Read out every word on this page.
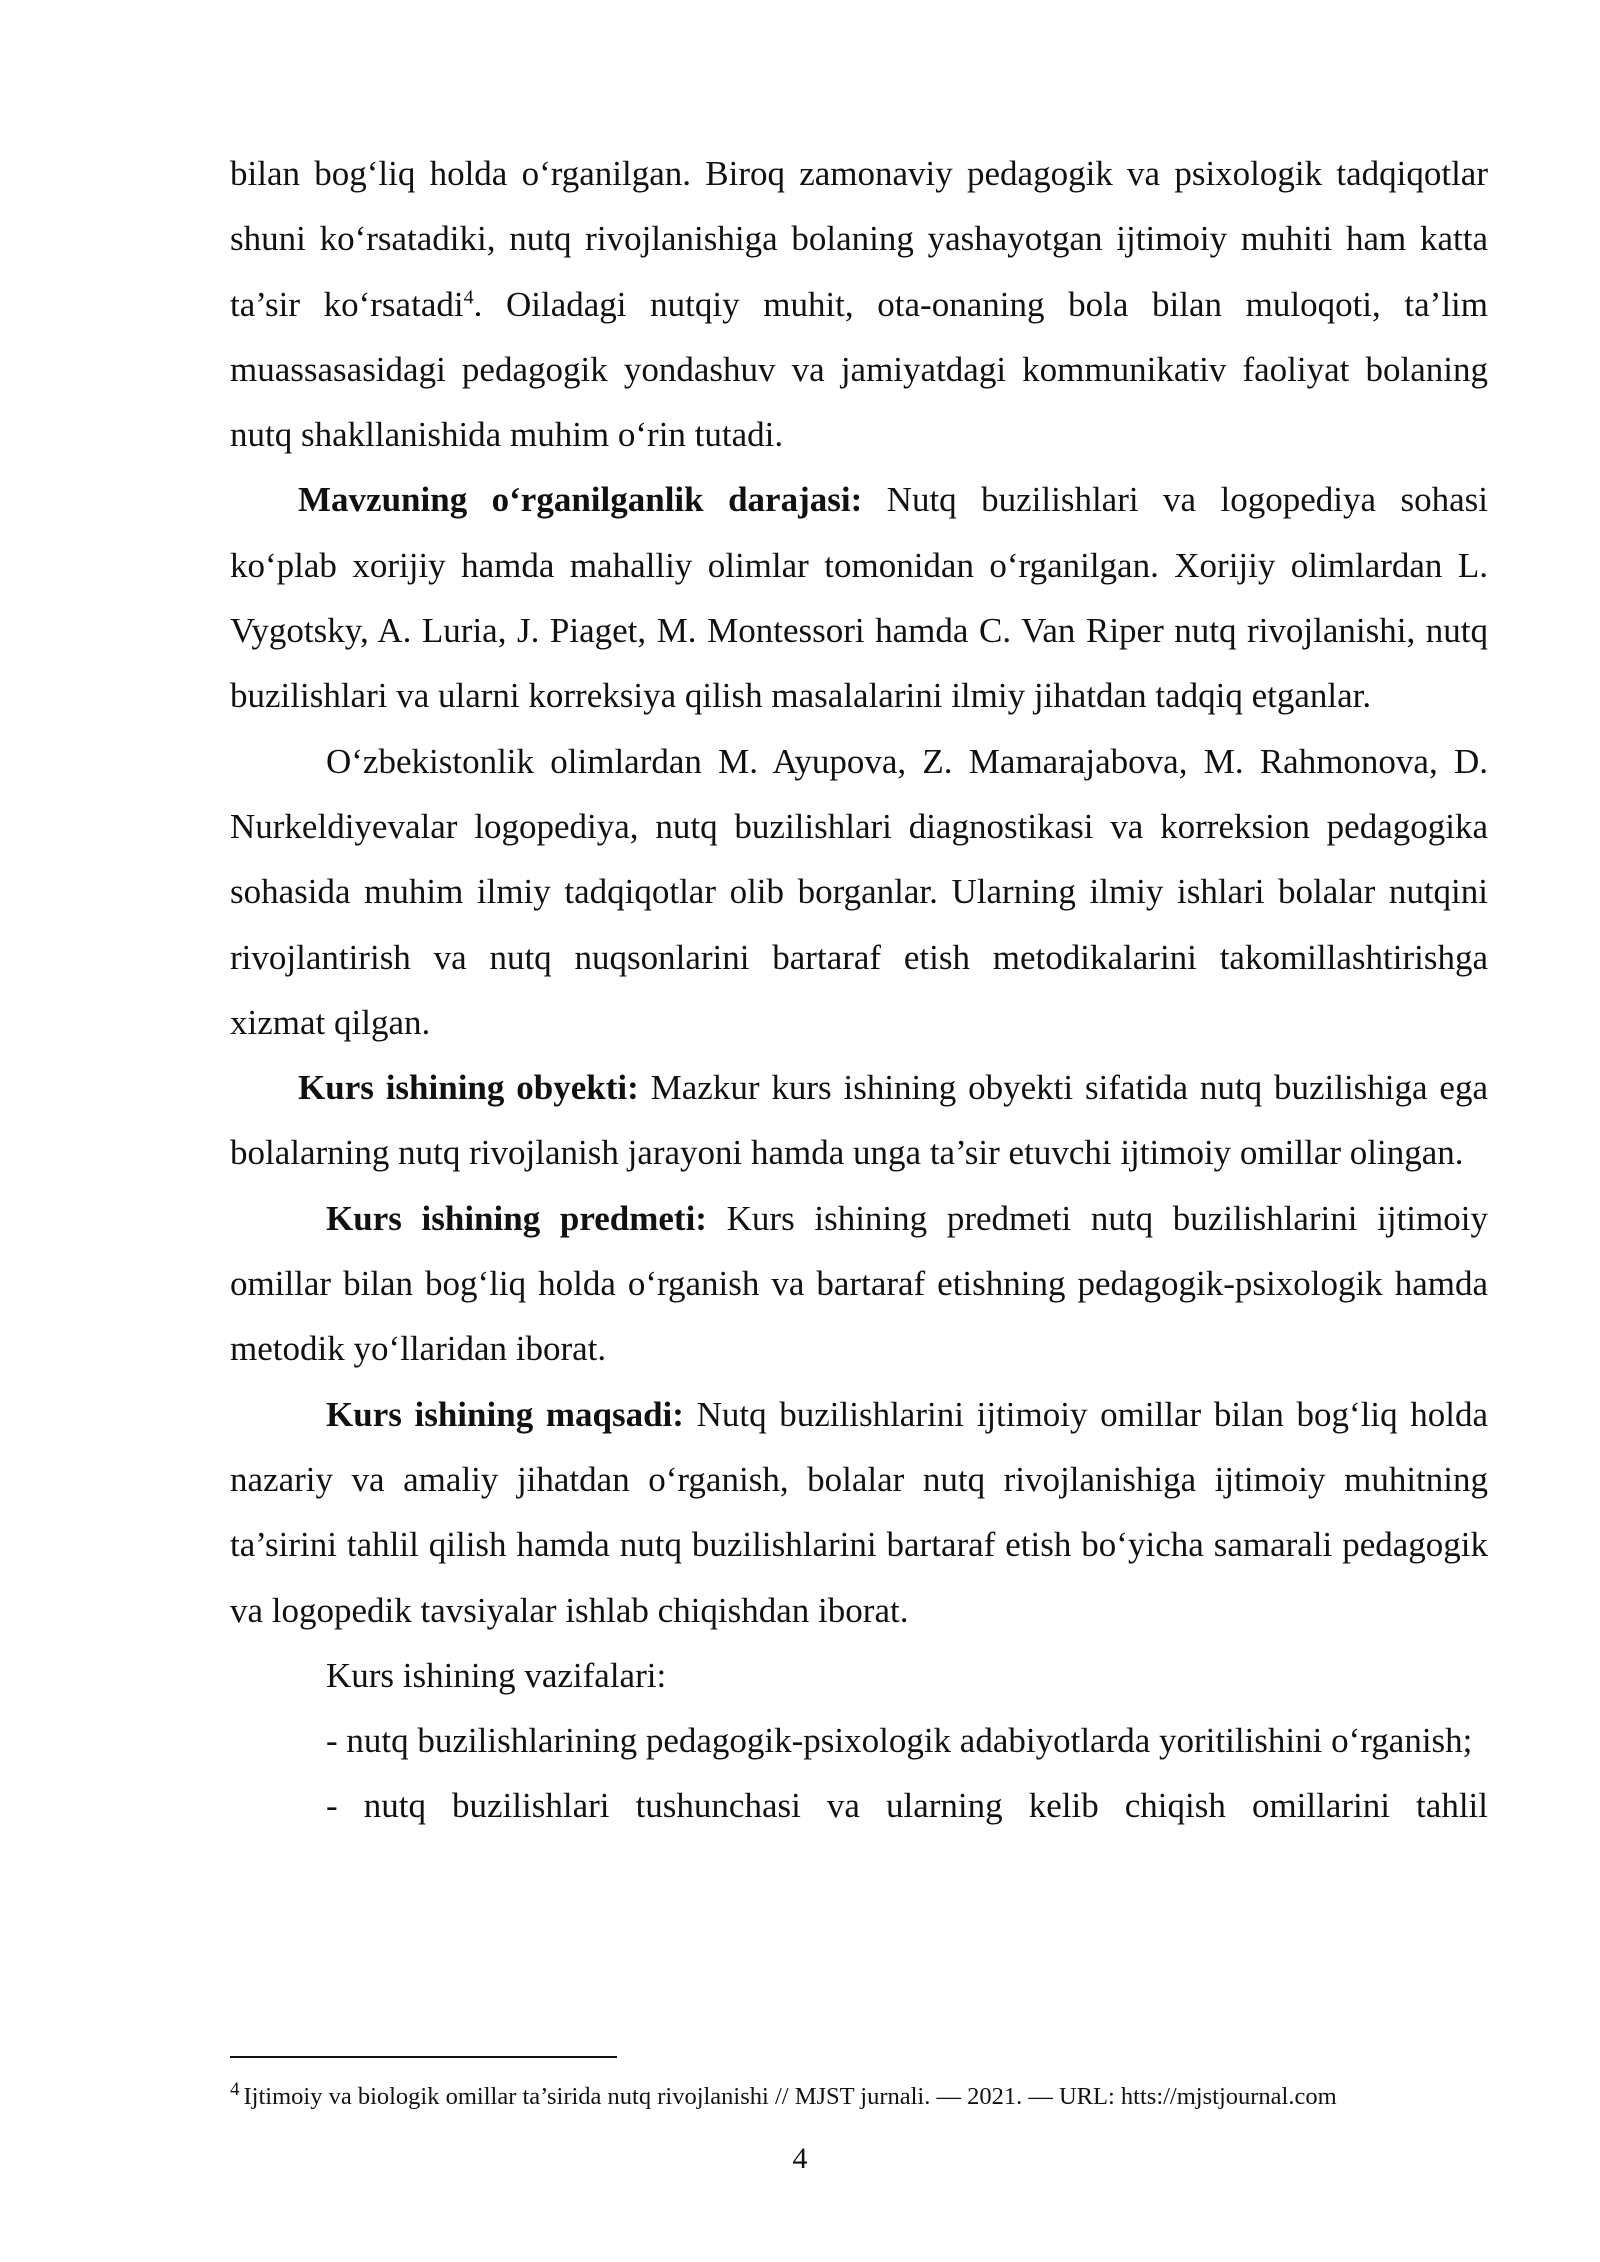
bilan bog‘liq holda o‘rganilgan. Biroq zamonaviy pedagogik va psixologik tadqiqotlar shuni ko‘rsatadiki, nutq rivojlanishiga bolaning yashayotgan ijtimoiy muhiti ham katta ta’sir ko‘rsatadi$^4$. Oiladagi nutqiy muhit, ota-onaning bola bilan muloqoti, ta’lim muassasasidagi pedagogik yondashuv va jamiyatdagi kommunikativ faoliyat bolaning nutq shakllanishida muhim o‘rin tutadi.

Mavzuning o‘rganilganlik darajasi: Nutq buzilishlari va logopediya sohasi ko‘plab xorijiy hamda mahalliy olimlar tomonidan o‘rganilgan. Xorijiy olimlardan L. Vygotsky, A. Luria, J. Piaget, M. Montessori hamda C. Van Riper nutq rivojlanishi, nutq buzilishlari va ularni korreksiya qilish masalalarini ilmiy jihatdan tadqiq etganlar.

O‘zbekistonlik olimlardan M. Ayupova, Z. Mamarajabova, M. Rahmonova, D. Nurkeldiyevalar logopediya, nutq buzilishlari diagnostikasi va korreksion pedagogika sohasida muhim ilmiy tadqiqotlar olib borganlar. Ularning ilmiy ishlari bolalar nutqini rivojlantirish va nutq nuqsonlarini bartaraf etish metodikalarini takomillashtirishga xizmat qilgan.

Kurs ishining obyekti: Mazkur kurs ishining obyekti sifatida nutq buzilishiga ega bolalarning nutq rivojlanish jarayoni hamda unga ta’sir etuvchi ijtimoiy omillar olingan.

Kurs ishining predmeti: Kurs ishining predmeti nutq buzilishlarini ijtimoiy omillar bilan bog‘liq holda o‘rganish va bartaraf etishning pedagogik-psixologik hamda metodik yo‘llaridan iborat.

Kurs ishining maqsadi: Nutq buzilishlarini ijtimoiy omillar bilan bog‘liq holda nazariy va amaliy jihatdan o‘rganish, bolalar nutq rivojlanishiga ijtimoiy muhitning ta’sirini tahlil qilish hamda nutq buzilishlarini bartaraf etish bo‘yicha samarali pedagogik va logopedik tavsiyalar ishlab chiqishdan iborat.

Kurs ishining vazifalari:

- nutq buzilishlarining pedagogik-psixologik adabiyotlarda yoritilishini o‘rganish;

- nutq buzilishlari tushunchasi va ularning kelib chiqish omillarini tahlil

$^4$ Ijtimoiy va biologik omillar ta’sirida nutq rivojlanishi // MJST jurnali. — 2021. — URL: htts://mjstjournal.com
4
